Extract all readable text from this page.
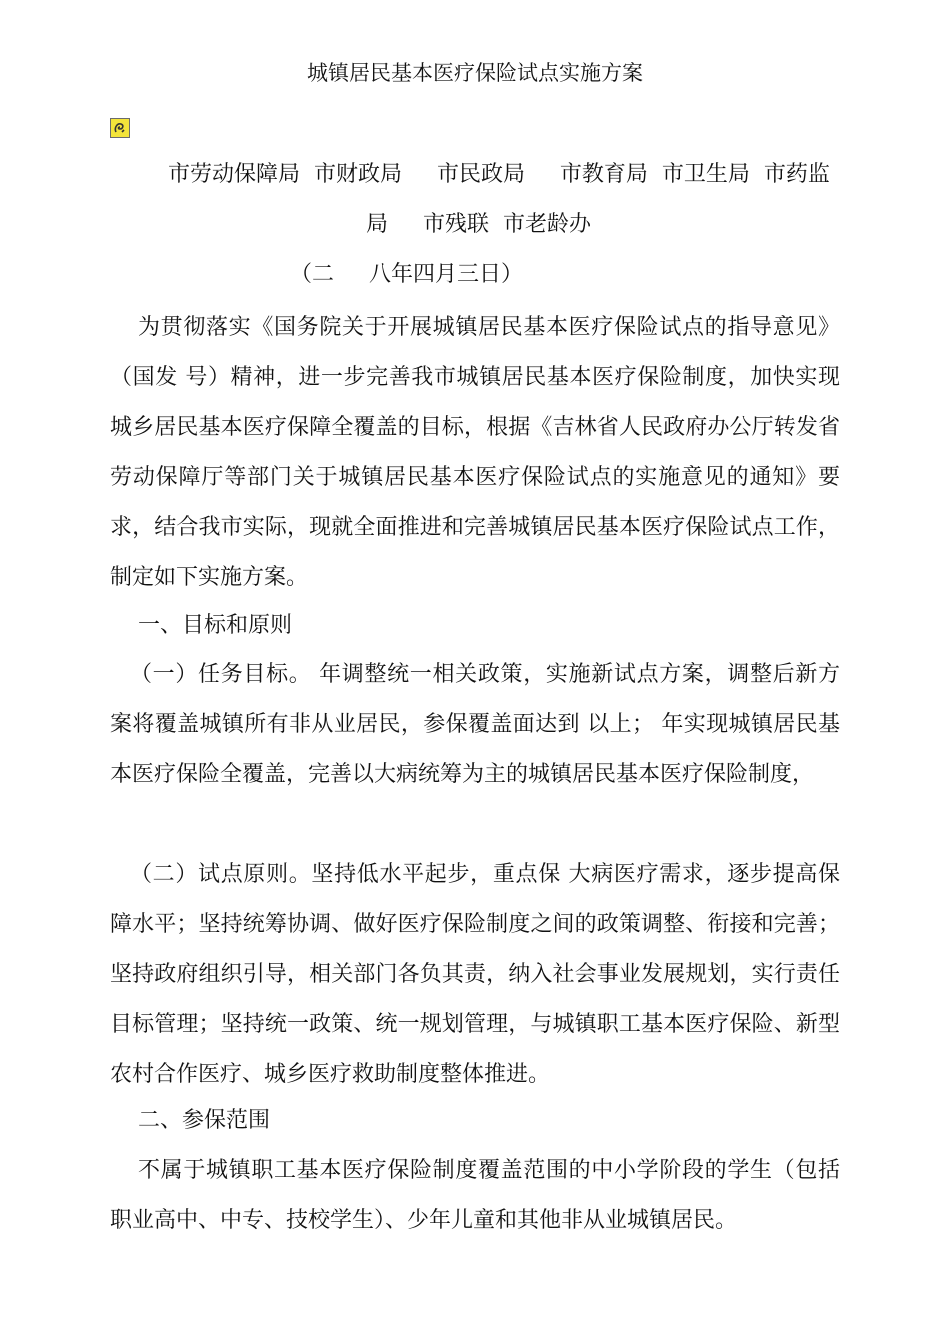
城镇居民基本医疗保险试点实施方案
市劳动保障局  市财政局     市民政局     市教育局  市卫生局  市药监
局     市残联  市老龄办
（二     八年四月三日）
为贯彻落实《国务院关于开展城镇居民基本医疗保险试点的指导意见》（国发 号）精神，进一步完善我市城镇居民基本医疗保险制度，加快实现城乡居民基本医疗保障全覆盖的目标，根据《吉林省人民政府办公厅转发省劳动保障厅等部门关于城镇居民基本医疗保险试点的实施意见的通知》要求，结合我市实际，现就全面推进和完善城镇居民基本医疗保险试点工作，制定如下实施方案。
一、目标和原则
（一）任务目标。 年调整统一相关政策，实施新试点方案，调整后新方案将覆盖城镇所有非从业居民，参保覆盖面达到 以上； 年实现城镇居民基本医疗保险全覆盖，完善以大病统筹为主的城镇居民基本医疗保险制度，
（二）试点原则。坚持低水平起步，重点保 大病医疗需求，逐步提高保障水平；坚持统筹协调、做好医疗保险制度之间的政策调整、衔接和完善；坚持政府组织引导，相关部门各负其责，纳入社会事业发展规划，实行责任目标管理；坚持统一政策、统一规划管理，与城镇职工基本医疗保险、新型农村合作医疗、城乡医疗救助制度整体推进。
二、参保范围
不属于城镇职工基本医疗保险制度覆盖范围的中小学阶段的学生（包括职业高中、中专、技校学生）、少年儿童和其他非从业城镇居民。
